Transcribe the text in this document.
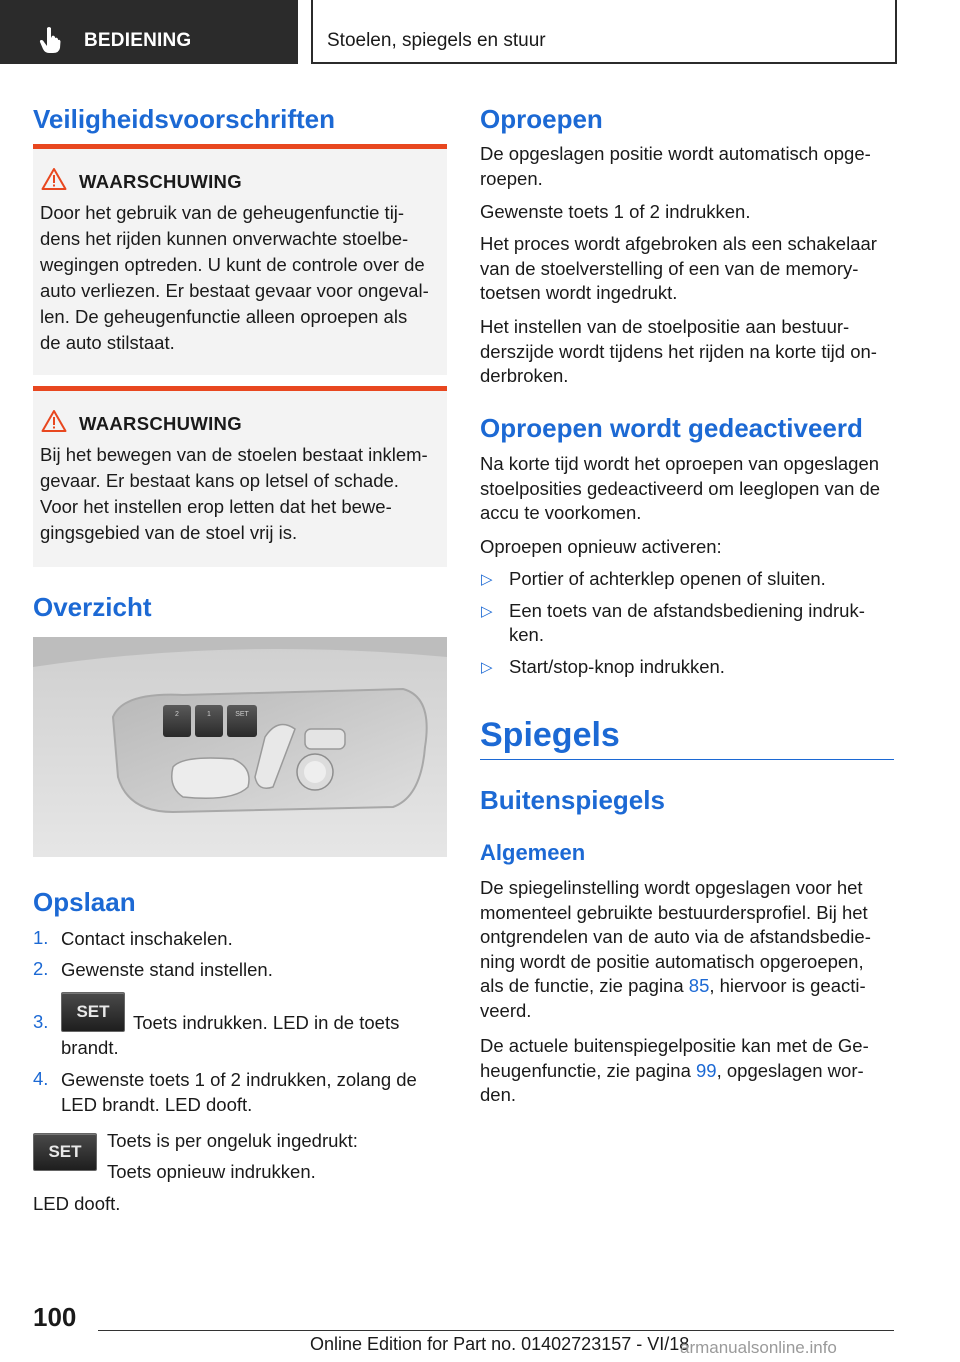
BEDIENING	Stoelen, spiegels en stuur
Veiligheidsvoorschriften
WAARSCHUWING
Door het gebruik van de geheugenfunctie tij-
dens het rijden kunnen onverwachte stoelbe-
wegingen optreden. U kunt de controle over de
auto verliezen. Er bestaat gevaar voor ongeval-
len. De geheugenfunctie alleen oproepen als
de auto stilstaat.
WAARSCHUWING
Bij het bewegen van de stoelen bestaat inklem-
gevaar. Er bestaat kans op letsel of schade.
Voor het instellen erop letten dat het bewe-
gingsgebied van de stoel vrij is.
Overzicht
2	1	SET
Opslaan
1. Contact inschakelen.
2. Gewenste stand instellen.
3. SET
Toets indrukken. LED in de toets
brandt.
4. Gewenste toets 1 of 2 indrukken, zolang de
LED brandt. LED dooft.
SET
Toets is per ongeluk ingedrukt:
Toets opnieuw indrukken.
LED dooft.
Oproepen
De opgeslagen positie wordt automatisch opge-
roepen.
Gewenste toets 1 of 2 indrukken.
Het proces wordt afgebroken als een schakelaar
van de stoelverstelling of een van de memory-
toetsen wordt ingedrukt.
Het instellen van de stoelpositie aan bestuur-
derszijde wordt tijdens het rijden na korte tijd on-
derbroken.
Oproepen wordt gedeactiveerd
Na korte tijd wordt het oproepen van opgeslagen
stoelposities gedeactiveerd om leeglopen van de
accu te voorkomen.
Oproepen opnieuw activeren:
▷ Portier of achterklep openen of sluiten.
▷ Een toets van de afstandsbediening indruk-
ken.
▷ Start/stop-knop indrukken.
Spiegels
Buitenspiegels
Algemeen
De spiegelinstelling wordt opgeslagen voor het
momenteel gebruikte bestuurdersprofiel. Bij het
ontgrendelen van de auto via de afstandsbedie-
ning wordt de positie automatisch opgeroepen,
als de functie, zie pagina 85, hiervoor is geacti-
veerd.
De actuele buitenspiegelpositie kan met de Ge-
heugenfunctie, zie pagina 99, opgeslagen wor-
den.
100
Online Edition for Part no. 01402723157 - VI/18
armanualsonline.info
